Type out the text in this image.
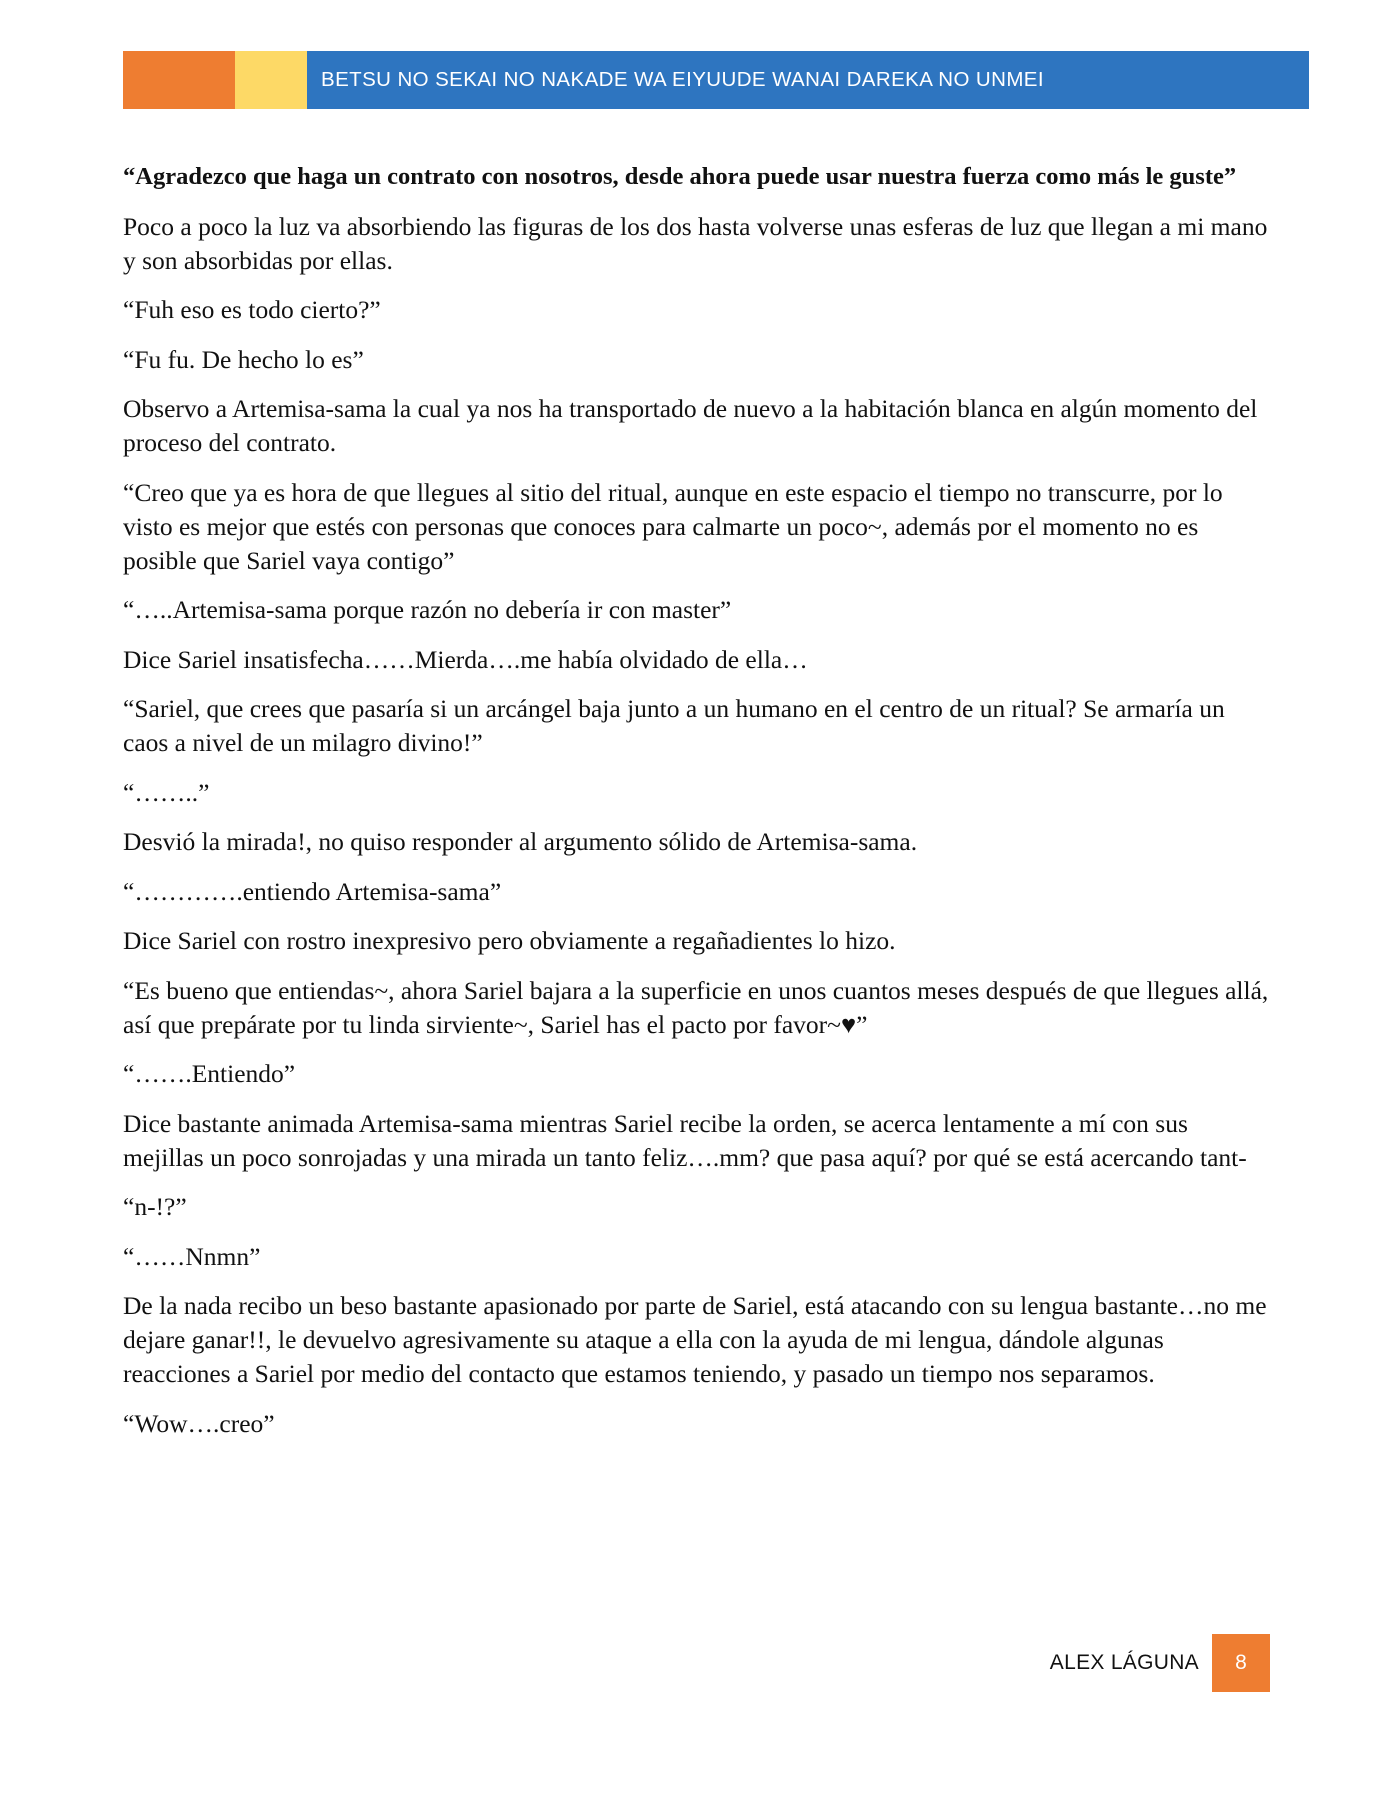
BETSU NO SEKAI NO NAKADE WA EIYUUDE WANAI DAREKA NO UNMEI

“Agradezco que haga un contrato con nosotros, desde ahora puede usar nuestra fuerza como más le guste”

Poco a poco la luz va absorbiendo las figuras de los dos hasta volverse unas esferas de luz que llegan a mi mano y son absorbidas por ellas.

“Fuh eso es todo cierto?”

“Fu fu. De hecho lo es”

Observo a Artemisa-sama la cual ya nos ha transportado de nuevo a la habitación blanca en algún momento del proceso del contrato.

“Creo que ya es hora de que llegues al sitio del ritual, aunque en este espacio el tiempo no transcurre, por lo visto es mejor que estés con personas que conoces para calmarte un poco~, además por el momento no es posible que Sariel vaya contigo”

“…..Artemisa-sama porque razón no debería ir con master”

Dice Sariel insatisfecha……Mierda….me había olvidado de ella…

“Sariel, que crees que pasaría si un arcángel baja junto a un humano en el centro de un ritual? Se armaría un caos a nivel de un milagro divino!”

“……..”

Desvió la mirada!, no quiso responder al argumento sólido de Artemisa-sama.

“………….entiendo Artemisa-sama”

Dice Sariel con rostro inexpresivo pero obviamente a regañadientes lo hizo.

“Es bueno que entiendas~, ahora Sariel bajara a la superficie en unos cuantos meses después de que llegues allá, así que prepárate por tu linda sirviente~, Sariel has el pacto por favor~♥”

“…….Entiendo”

Dice bastante animada Artemisa-sama mientras Sariel recibe la orden, se acerca lentamente a mí con sus mejillas un poco sonrojadas y una mirada un tanto feliz….mm? que pasa aquí? por qué se está acercando tant-

“n-!?”

“……Nnmn”

De la nada recibo un beso bastante apasionado por parte de Sariel, está atacando con su lengua bastante…no me dejare ganar!!, le devuelvo agresivamente su ataque a ella con la ayuda de mi lengua, dándole algunas reacciones a Sariel por medio del contacto que estamos teniendo, y pasado un tiempo nos separamos.

“Wow….creo”

ALEX LÁGUNA 8
